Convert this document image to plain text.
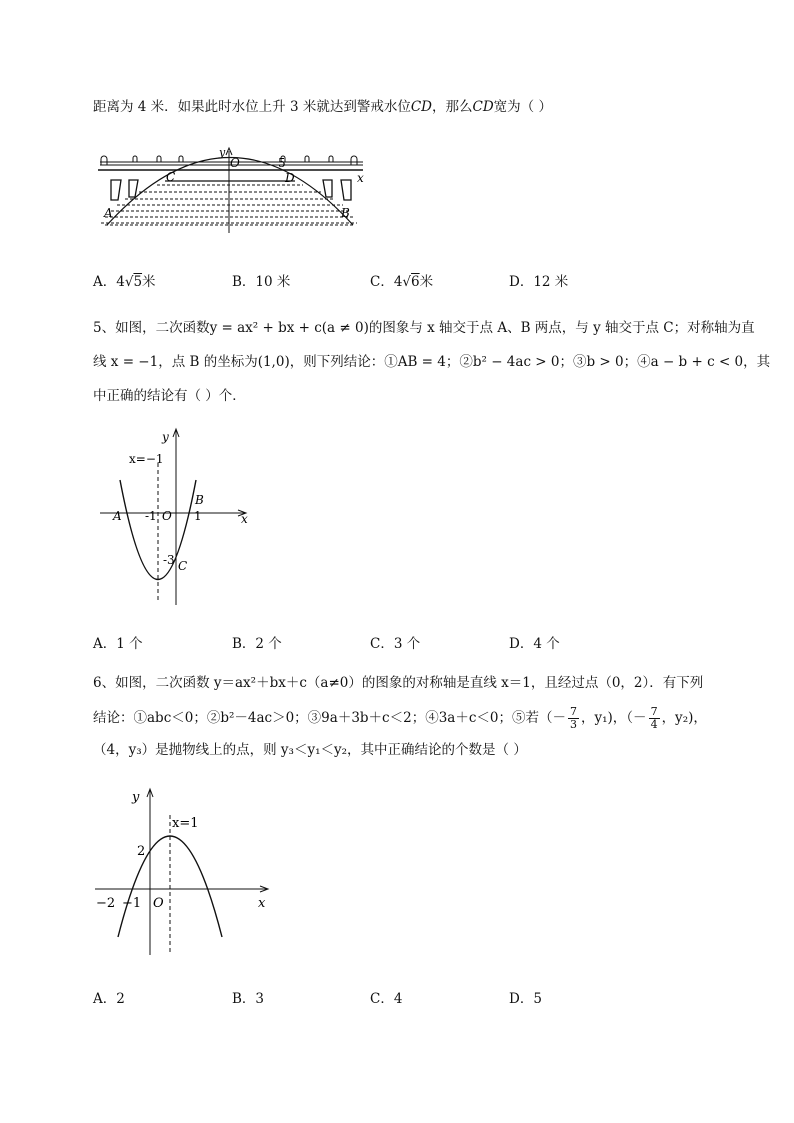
距离为 4 米．如果此时水位上升 3 米就达到警戒水位CD，那么CD宽为（ ）
y
x
O	5
C	D
A	B
A．4√5米	B．10 米	C．4√6米	D．12 米
5、如图，二次函数y = ax² + bx + c(a ≠ 0)的图象与 x 轴交于点 A、B 两点，与 y 轴交于点 C；对称轴为直
线 x = −1，点 B 的坐标为(1,0)，则下列结论：①AB = 4；②b² − 4ac > 0；③b > 0；④a − b + c < 0，其
中正确的结论有（ ）个．
y
x=−1
B
A -1 O 1	x
-3 C
A．1 个	B．2 个	C．3 个	D．4 个
6、如图，二次函数 y＝ax²＋bx＋c（a≠0）的图象的对称轴是直线 x＝1，且经过点（0，2）．有下列
结论：①abc＜0；②b²－4ac＞0；③9a＋3b＋c＜2；④3a＋c＜0；⑤若（－ $\frac{7}{3}$ ，y₁)，（－ $\frac{7}{4}$ ，y₂)，
（4，y₃）是抛物线上的点，则 y₃＜y₁＜y₂，其中正确结论的个数是（ ）
y
x=1
2
−2 −1 O	x
A．2	B．3	C．4	D．5
